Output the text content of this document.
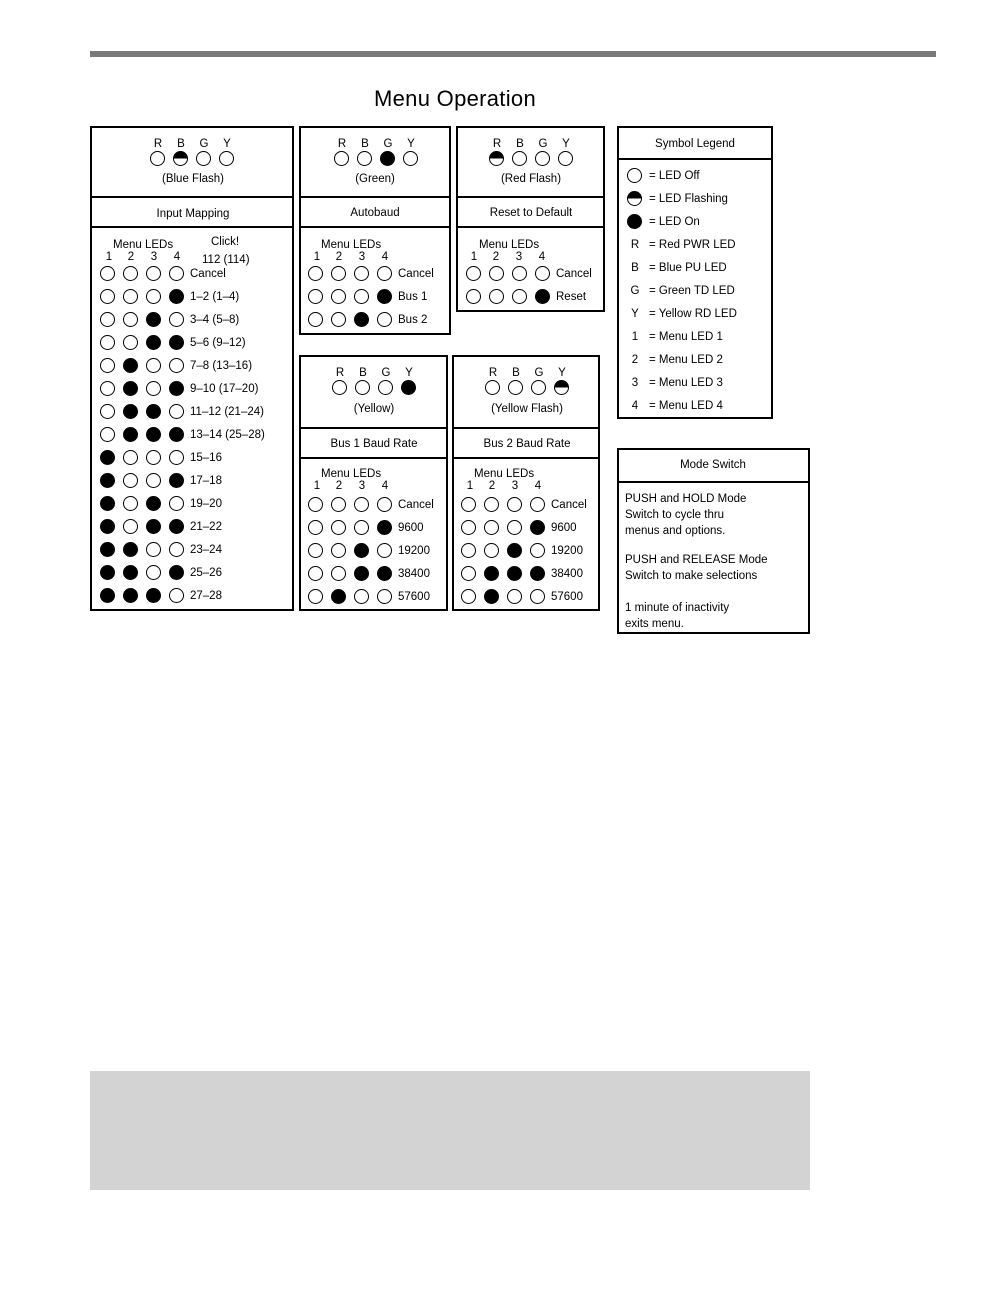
Menu Operation
R B G Y
(Blue Flash)
Input Mapping
Menu LEDs
1 2 3 4
Click!
112 (114)
Cancel
1–2 (1–4)
3–4 (5–8)
5–6 (9–12)
7–8 (13–16)
9–10 (17–20)
11–12 (21–24)
13–14 (25–28)
15–16
17–18
19–20
21–22
23–24
25–26
27–28
R B G Y
(Green)
Autobaud
Menu LEDs
1 2 3 4
Cancel
Bus 1
Bus 2
R B G Y
(Red Flash)
Reset to Default
Menu LEDs
1 2 3 4
Cancel
Reset
R B G Y
(Yellow)
Bus 1 Baud Rate
Menu LEDs
1 2 3 4
Cancel
9600
19200
38400
57600
R B G Y
(Yellow Flash)
Bus 2 Baud Rate
Menu LEDs
1 2 3 4
Cancel
9600
19200
38400
57600
Symbol Legend
= LED Off
= LED Flashing
= LED On
R = Red PWR LED
B = Blue PU LED
G = Green TD LED
Y = Yellow RD LED
1 = Menu LED 1
2 = Menu LED 2
3 = Menu LED 3
4 = Menu LED 4
Mode Switch
PUSH and HOLD Mode
Switch to cycle thru
menus and options.
PUSH and RELEASE Mode
Switch to make selections
1 minute of inactivity
exits menu.
